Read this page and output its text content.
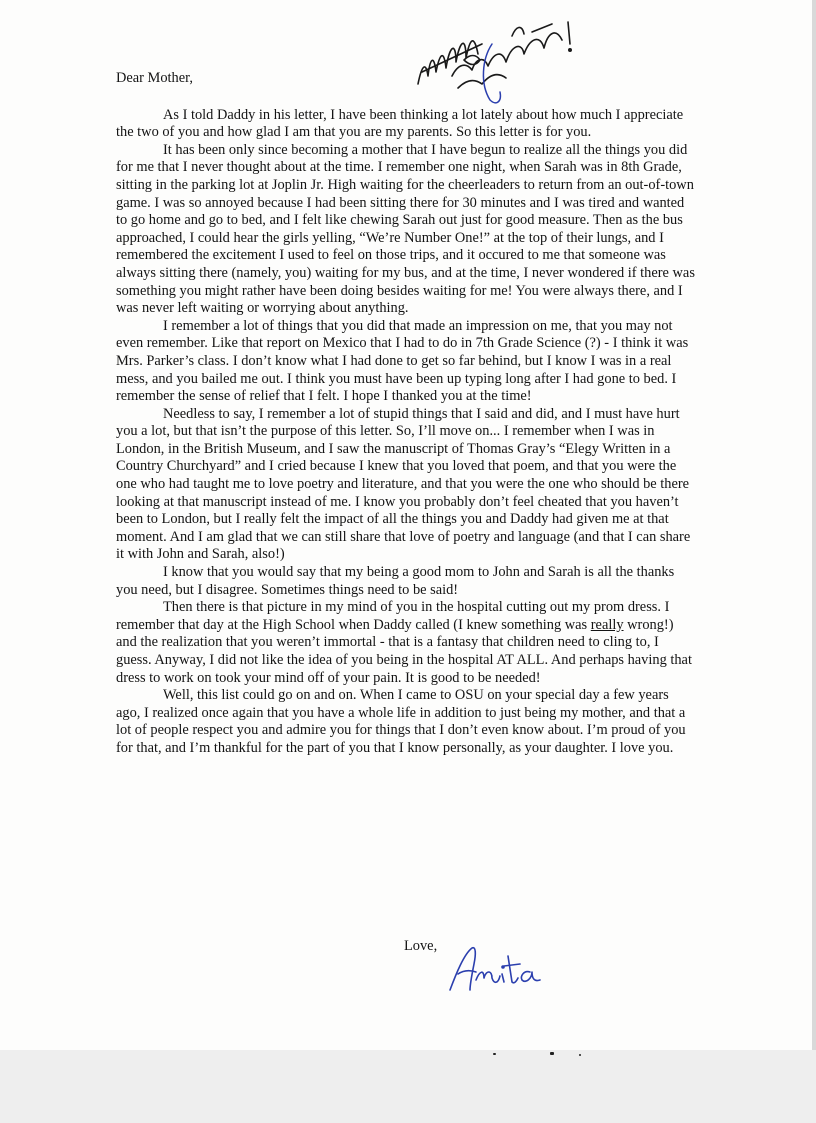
Dear Mother,

As I told Daddy in his letter, I have been thinking a lot lately about how much I appreciate the two of you and how glad I am that you are my parents. So this letter is for you.

It has been only since becoming a mother that I have begun to realize all the things you did for me that I never thought about at the time. I remember one night, when Sarah was in 8th Grade, sitting in the parking lot at Joplin Jr. High waiting for the cheerleaders to return from an out-of-town game. I was so annoyed because I had been sitting there for 30 minutes and I was tired and wanted to go home and go to bed, and I felt like chewing Sarah out just for good measure. Then as the bus approached, I could hear the girls yelling, “We’re Number One!” at the top of their lungs, and I remembered the excitement I used to feel on those trips, and it occured to me that someone was always sitting there (namely, you) waiting for my bus, and at the time, I never wondered if there was something you might rather have been doing besides waiting for me! You were always there, and I was never left waiting or worrying about anything.

I remember a lot of things that you did that made an impression on me, that you may not even remember. Like that report on Mexico that I had to do in 7th Grade Science (?) - I think it was Mrs. Parker’s class. I don’t know what I had done to get so far behind, but I know I was in a real mess, and you bailed me out. I think you must have been up typing long after I had gone to bed. I remember the sense of relief that I felt. I hope I thanked you at the time!

Needless to say, I remember a lot of stupid things that I said and did, and I must have hurt you a lot, but that isn’t the purpose of this letter. So, I’ll move on... I remember when I was in London, in the British Museum, and I saw the manuscript of Thomas Gray’s “Elegy Written in a Country Churchyard” and I cried because I knew that you loved that poem, and that you were the one who had taught me to love poetry and literature, and that you were the one who should be there looking at that manuscript instead of me. I know you probably don’t feel cheated that you haven’t been to London, but I really felt the impact of all the things you and Daddy had given me at that moment. And I am glad that we can still share that love of poetry and language (and that I can share it with John and Sarah, also!)

I know that you would say that my being a good mom to John and Sarah is all the thanks you need, but I disagree. Sometimes things need to be said!

Then there is that picture in my mind of you in the hospital cutting out my prom dress. I remember that day at the High School when Daddy called (I knew something was really wrong!) and the realization that you weren’t immortal - that is a fantasy that children need to cling to, I guess. Anyway, I did not like the idea of you being in the hospital AT ALL. And perhaps having that dress to work on took your mind off of your pain. It is good to be needed!

Well, this list could go on and on. When I came to OSU on your special day a few years ago, I realized once again that you have a whole life in addition to just being my mother, and that a lot of people respect you and admire you for things that I don’t even know about. I’m proud of you for that, and I’m thankful for the part of you that I know personally, as your daughter. I love you.

Love,
